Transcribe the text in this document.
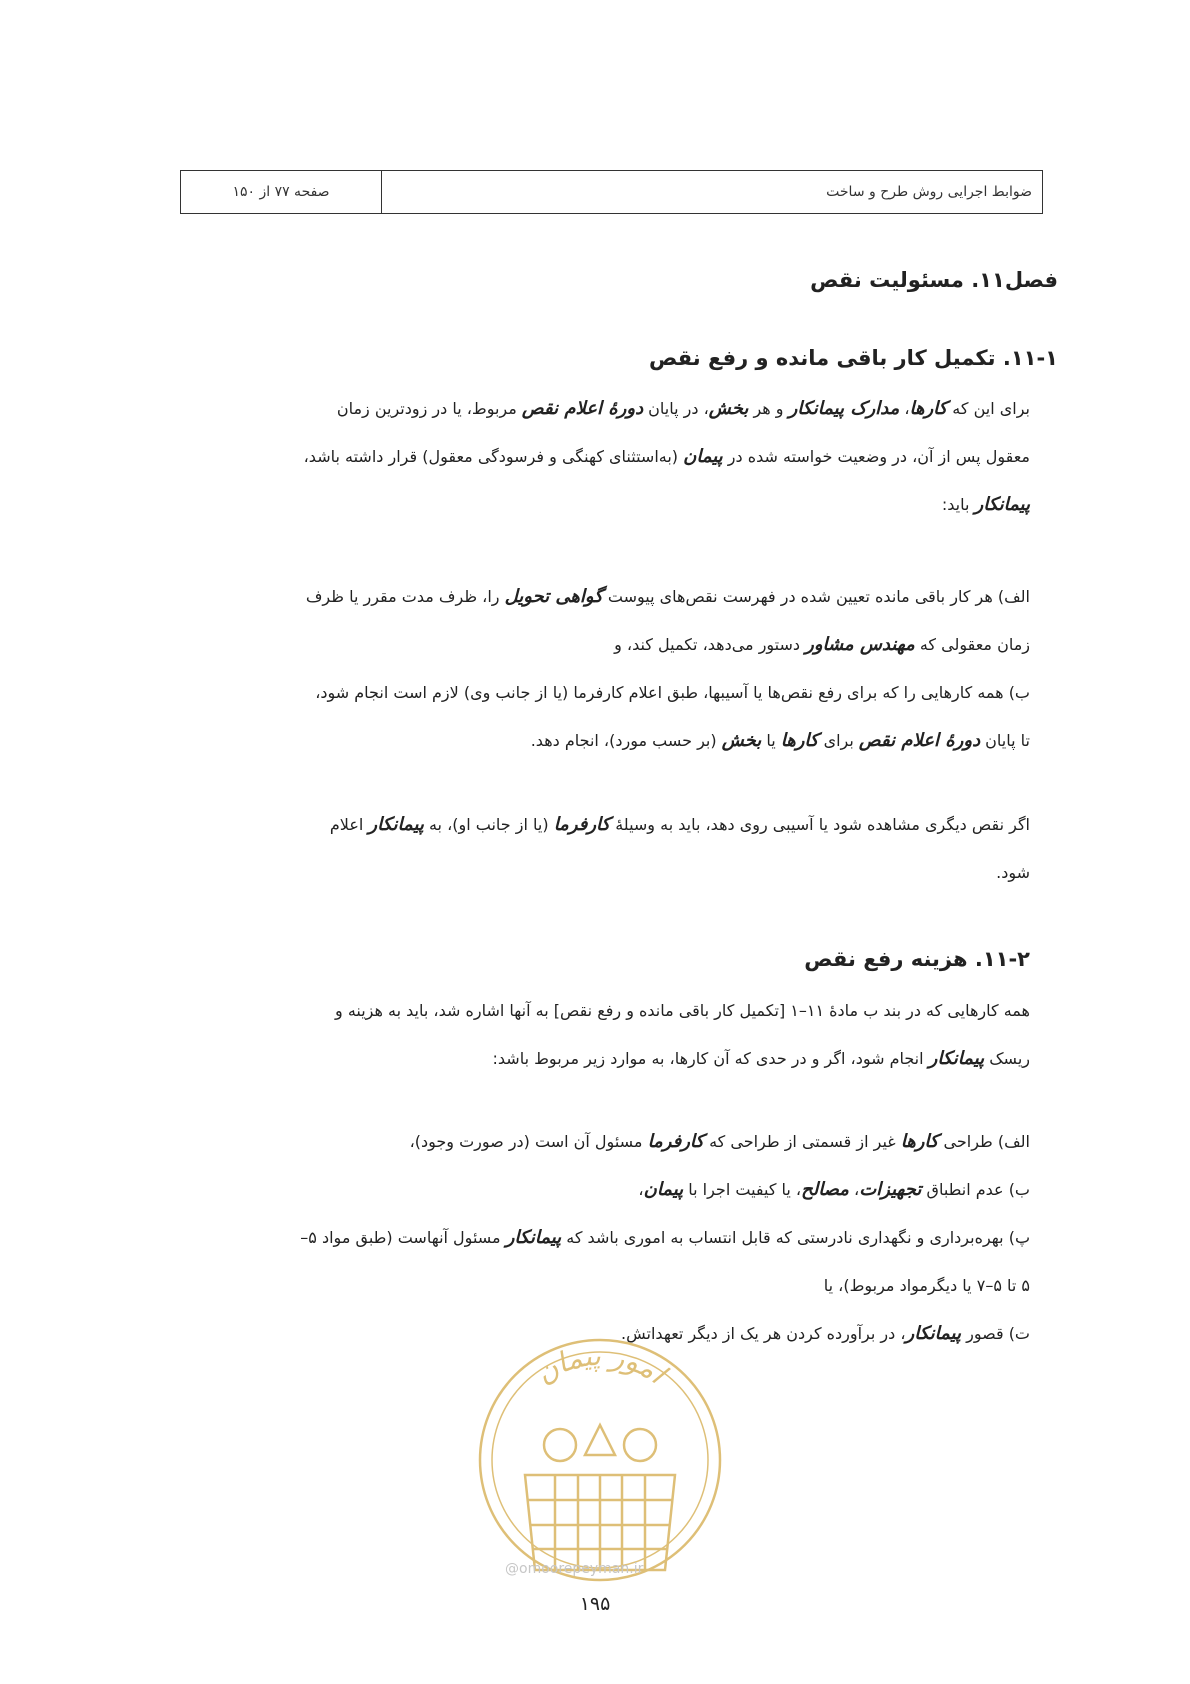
ضوابط اجرایی روش طرح و ساخت
صفحه ۷۷ از ۱۵۰
فصل۱۱. مسئولیت نقص
۱۱-۱. تکمیل کار باقی مانده و رفع نقص
برای این که کارها، مدارک پیمانکار و هر بخش، در پایان دورۀ اعلام نقص مربوط، یا در زودترین زمان
معقول پس از آن، در وضعیت خواسته شده در پیمان (به‌استثنای کهنگی و فرسودگی معقول) قرار داشته باشد،
پیمانکار باید:
الف) هر کار باقی مانده تعیین شده در فهرست نقص‌های پیوست گواهی تحویل را، ظرف مدت مقرر یا ظرف
زمان معقولی که مهندس مشاور دستور می‌دهد، تکمیل کند، و
ب) همه کارهایی را که برای رفع نقص‌ها یا آسیبها، طبق اعلام کارفرما (یا از جانب وی) لازم است انجام شود،
تا پایان دورۀ اعلام نقص برای کارها یا بخش (بر حسب مورد)، انجام دهد.
اگر نقص دیگری مشاهده شود یا آسیبی روی دهد، باید به وسیلۀ کارفرما (یا از جانب او)، به پیمانکار اعلام
شود.
۱۱-۲. هزینه رفع نقص
همه کارهایی که در بند ب مادۀ ۱۱–۱ [تکمیل کار باقی مانده و رفع نقص] به آنها اشاره شد، باید به هزینه و
ریسک پیمانکار انجام شود، اگر و در حدی که آن کارها، به موارد زیر مربوط باشد:
الف) طراحی کارها غیر از قسمتی از طراحی که کارفرما مسئول آن است (در صورت وجود)،
ب) عدم انطباق تجهیزات، مصالح، یا کیفیت اجرا با پیمان،
پ) بهره‌برداری و نگهداری نادرستی که قابل انتساب به اموری باشد که پیمانکار مسئول آنهاست (طبق مواد ۵–
۵ تا ۵–۷ یا دیگرمواد مربوط)، یا
ت) قصور پیمانکار، در برآورده کردن هر یک از دیگر تعهداتش.
امور پیمان
@omoorepeyman.ir
۱۹۵
